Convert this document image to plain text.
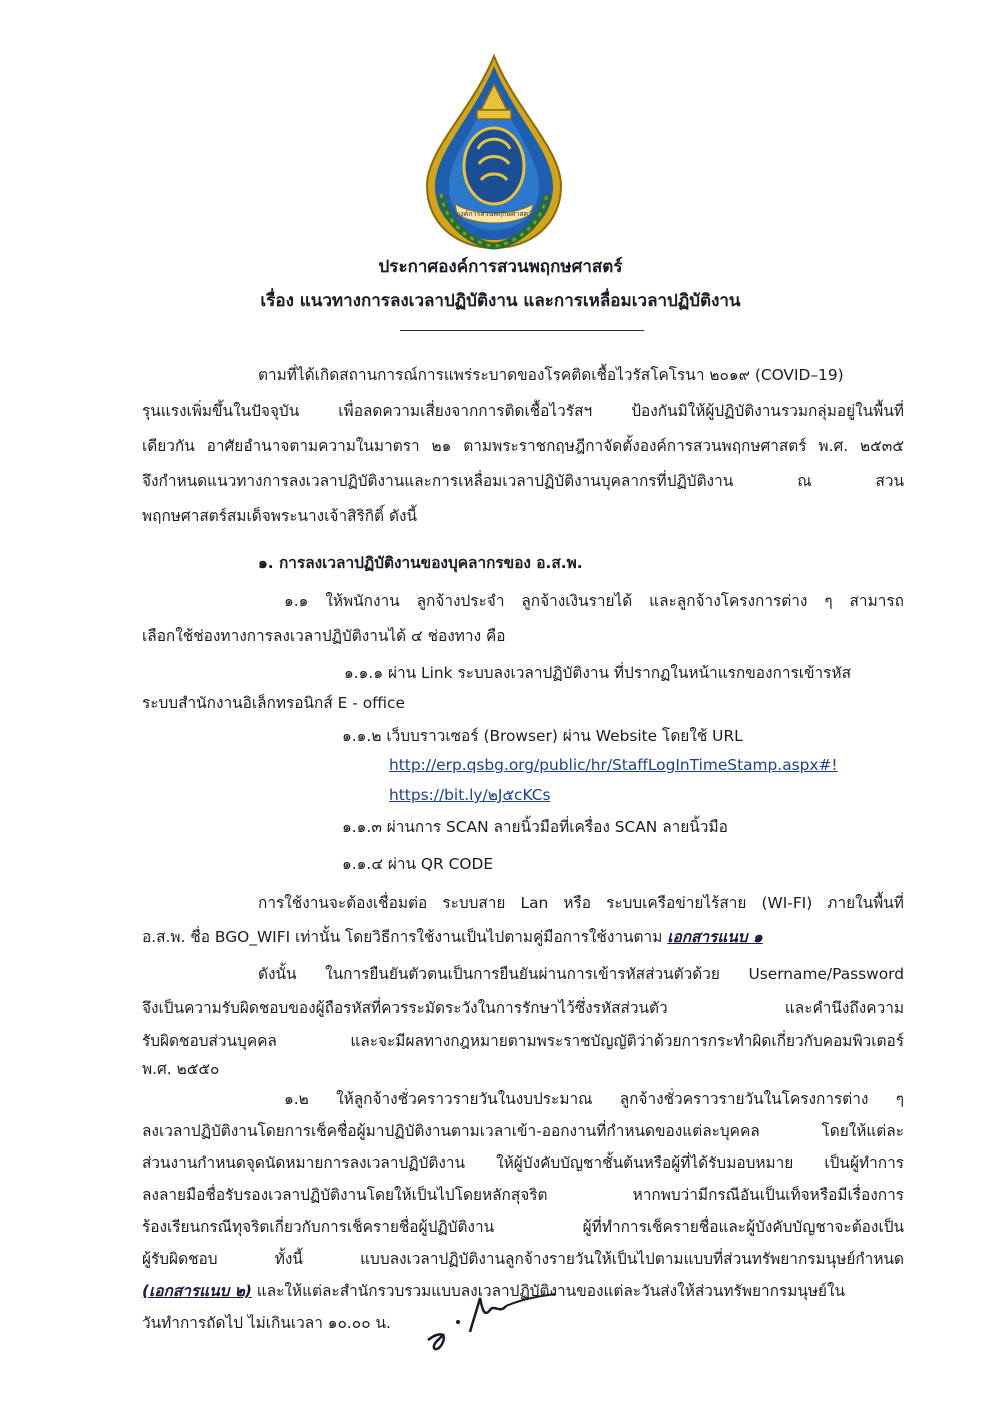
องค์การสวนพฤกษศาสตร์
ประกาศองค์การสวนพฤกษศาสตร์
เรื่อง แนวทางการลงเวลาปฏิบัติงาน และการเหลื่อมเวลาปฏิบัติงาน
ตามที่ได้เกิดสถานการณ์การแพร่ระบาดของโรคติดเชื้อไวรัสโคโรนา ๒๐๑๙ (COVID–19)
รุนแรงเพิ่มขึ้นในปัจจุบัน	เพื่อลดความเสี่ยงจากการติดเชื้อไวรัสฯ	ป้องกันมิให้ผู้ปฏิบัติงานรวมกลุ่มอยู่ในพื้นที่
เดียวกัน อาศัยอำนาจตามความในมาตรา ๒๑ ตามพระราชกฤษฎีกาจัดตั้งองค์การสวนพฤกษศาสตร์ พ.ศ. ๒๕๓๕
จึงกำหนดแนวทางการลงเวลาปฏิบัติงานและการเหลื่อมเวลาปฏิบัติงานบุคลากรที่ปฏิบัติงาน	ณ	สวน
พฤกษศาสตร์สมเด็จพระนางเจ้าสิริกิติ์ ดังนี้
๑. การลงเวลาปฏิบัติงานของบุคลากรของ อ.ส.พ.
๑.๑ ให้พนักงาน ลูกจ้างประจำ ลูกจ้างเงินรายได้ และลูกจ้างโครงการต่าง ๆ สามารถ
เลือกใช้ช่องทางการลงเวลาปฏิบัติงานได้ ๔ ช่องทาง คือ
๑.๑.๑ ผ่าน Link ระบบลงเวลาปฏิบัติงาน ที่ปรากฏในหน้าแรกของการเข้ารหัส
ระบบสำนักงานอิเล็กทรอนิกส์ E - office
๑.๑.๒ เว็บบราวเซอร์ (Browser) ผ่าน Website โดยใช้ URL
http://erp.qsbg.org/public/hr/StaffLogInTimeStamp.aspx#!
https://bit.ly/๒J๕cKCs
๑.๑.๓ ผ่านการ SCAN ลายนิ้วมือที่เครื่อง SCAN ลายนิ้วมือ
๑.๑.๔ ผ่าน QR CODE
การใช้งานจะต้องเชื่อมต่อ ระบบสาย Lan หรือ ระบบเครือข่ายไร้สาย (WI-FI) ภายในพื้นที่
อ.ส.พ. ชื่อ BGO_WIFI เท่านั้น โดยวิธีการใช้งานเป็นไปตามคู่มือการใช้งานตาม เอกสารแนบ ๑
ดังนั้น ในการยืนยันตัวตนเป็นการยืนยันผ่านการเข้ารหัสส่วนตัวด้วย Username/Password
จึงเป็นความรับผิดชอบของผู้ถือรหัสที่ควรระมัดระวังในการรักษาไว้ซึ่งรหัสส่วนตัว	และคำนึงถึงความ
รับผิดชอบส่วนบุคคล	และจะมีผลทางกฎหมายตามพระราชบัญญัติว่าด้วยการกระทำผิดเกี่ยวกับคอมพิวเตอร์
พ.ศ. ๒๕๕๐
๑.๒ ให้ลูกจ้างชั่วคราวรายวันในงบประมาณ ลูกจ้างชั่วคราวรายวันในโครงการต่าง ๆ
ลงเวลาปฏิบัติงานโดยการเช็คชื่อผู้มาปฏิบัติงานตามเวลาเข้า-ออกงานที่กำหนดของแต่ละบุคคล	โดยให้แต่ละ
ส่วนงานกำหนดจุดนัดหมายการลงเวลาปฏิบัติงาน ให้ผู้บังคับบัญชาชั้นต้นหรือผู้ที่ได้รับมอบหมาย เป็นผู้ทำการ
ลงลายมือชื่อรับรองเวลาปฏิบัติงานโดยให้เป็นไปโดยหลักสุจริต	หากพบว่ามีกรณีอันเป็นเท็จหรือมีเรื่องการ
ร้องเรียนกรณีทุจริตเกี่ยวกับการเช็ครายชื่อผู้ปฏิบัติงาน	ผู้ที่ทำการเช็ครายชื่อและผู้บังคับบัญชาจะต้องเป็น
ผู้รับผิดชอบ	ทั้งนี้	แบบลงเวลาปฏิบัติงานลูกจ้างรายวันให้เป็นไปตามแบบที่ส่วนทรัพยากรมนุษย์กำหนด
(เอกสารแนบ ๒) และให้แต่ละสำนักรวบรวมแบบลงเวลาปฏิบัติงานของแต่ละวันส่งให้ส่วนทรัพยากรมนุษย์ใน
วันทำการถัดไป ไม่เกินเวลา ๑๐.๐๐ น.
